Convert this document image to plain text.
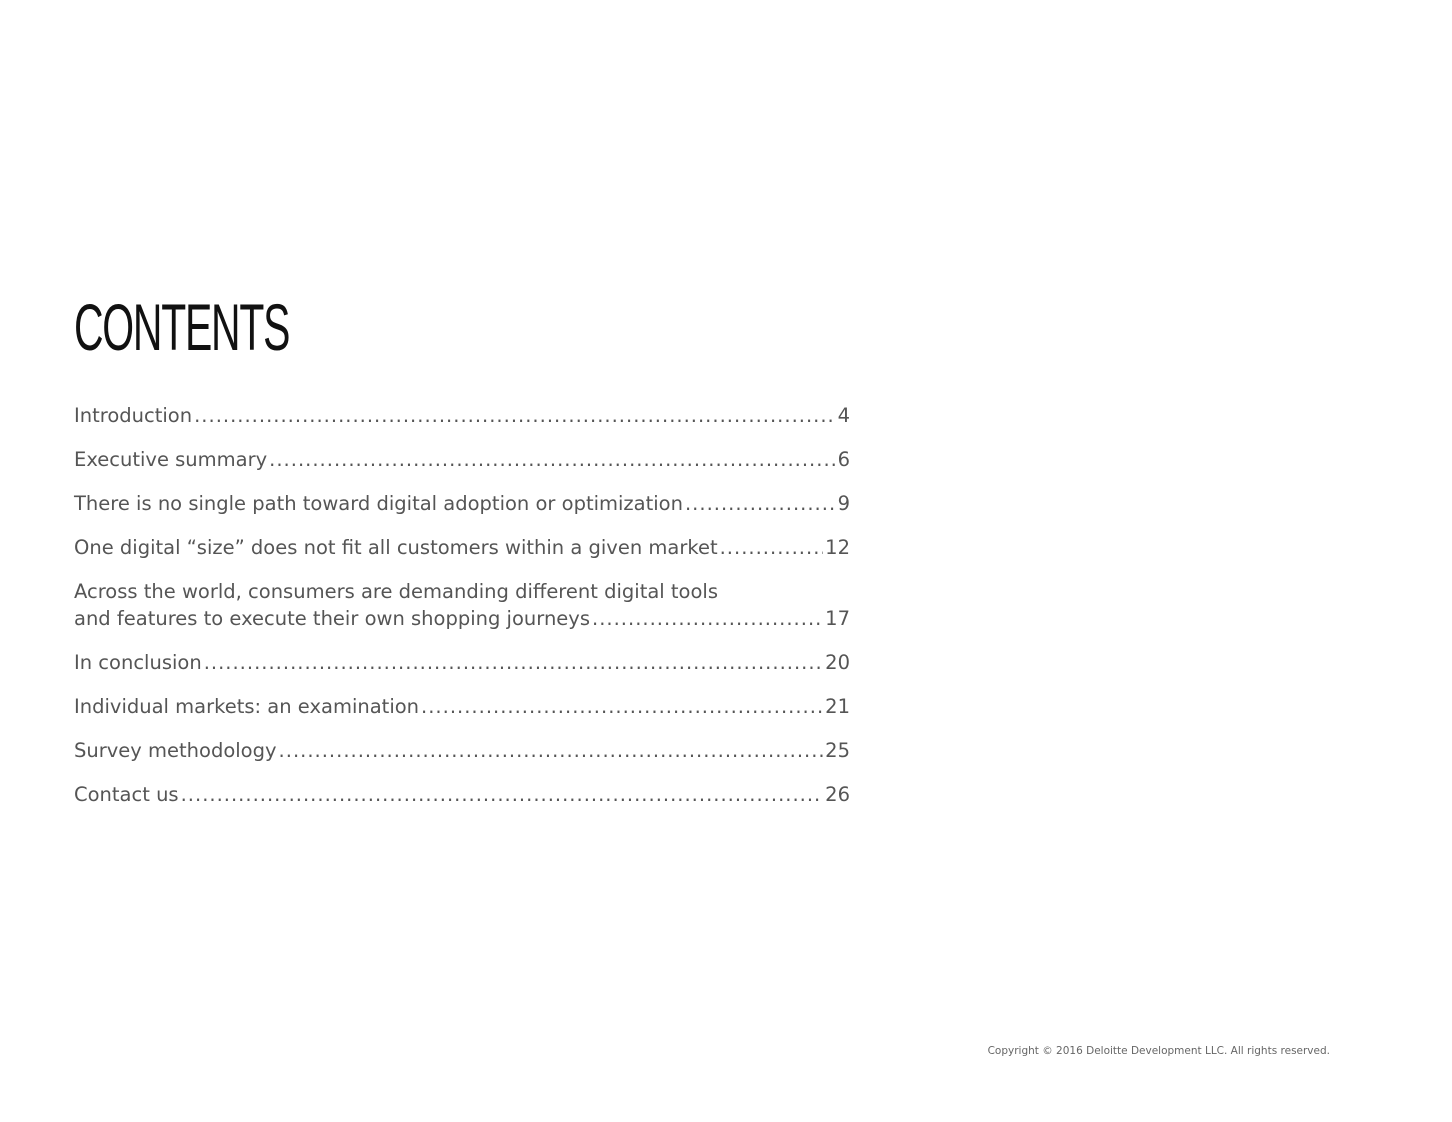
CONTENTS
Introduction .....	4
Executive summary .....	6
There is no single path toward digital adoption or optimization .....	9
One digital “size” does not fit all customers within a given market .....	12
Across the world, consumers are demanding different digital tools
and features to execute their own shopping journeys .....	17
In conclusion .....	20
Individual markets: an examination .....	21
Survey methodology .....	25
Contact us .....	26
Copyright © 2016 Deloitte Development LLC. All rights reserved.
